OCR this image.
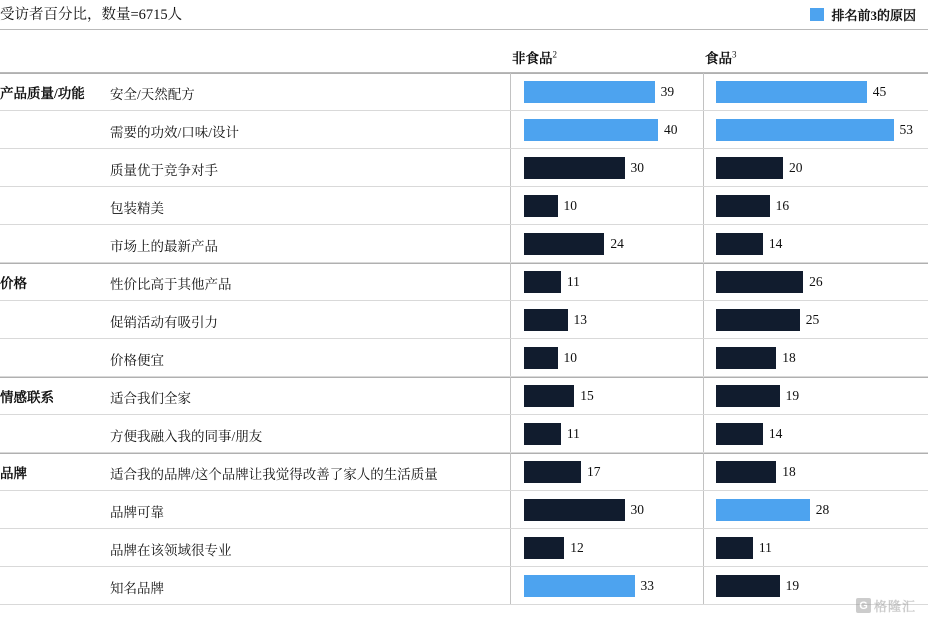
受访者百分比，数量=6715人	排名前3的原因
非食品$^2$	食品$^3$
产品质量/功能	安全/天然配方	39	45
需要的功效/口味/设计	40	53
质量优于竞争对手	30	20
包装精美	10	16
市场上的最新产品	24	14
价格	性价比高于其他产品	11	26
促销活动有吸引力	13	25
价格便宜	10	18
情感联系	适合我们全家	15	19
方便我融入我的同事/朋友	11	14
品牌	适合我的品牌/这个品牌让我觉得改善了家人的生活质量	17	18
品牌可靠	30	28
品牌在该领域很专业	12	11
知名品牌	33	19
G 格隆汇
